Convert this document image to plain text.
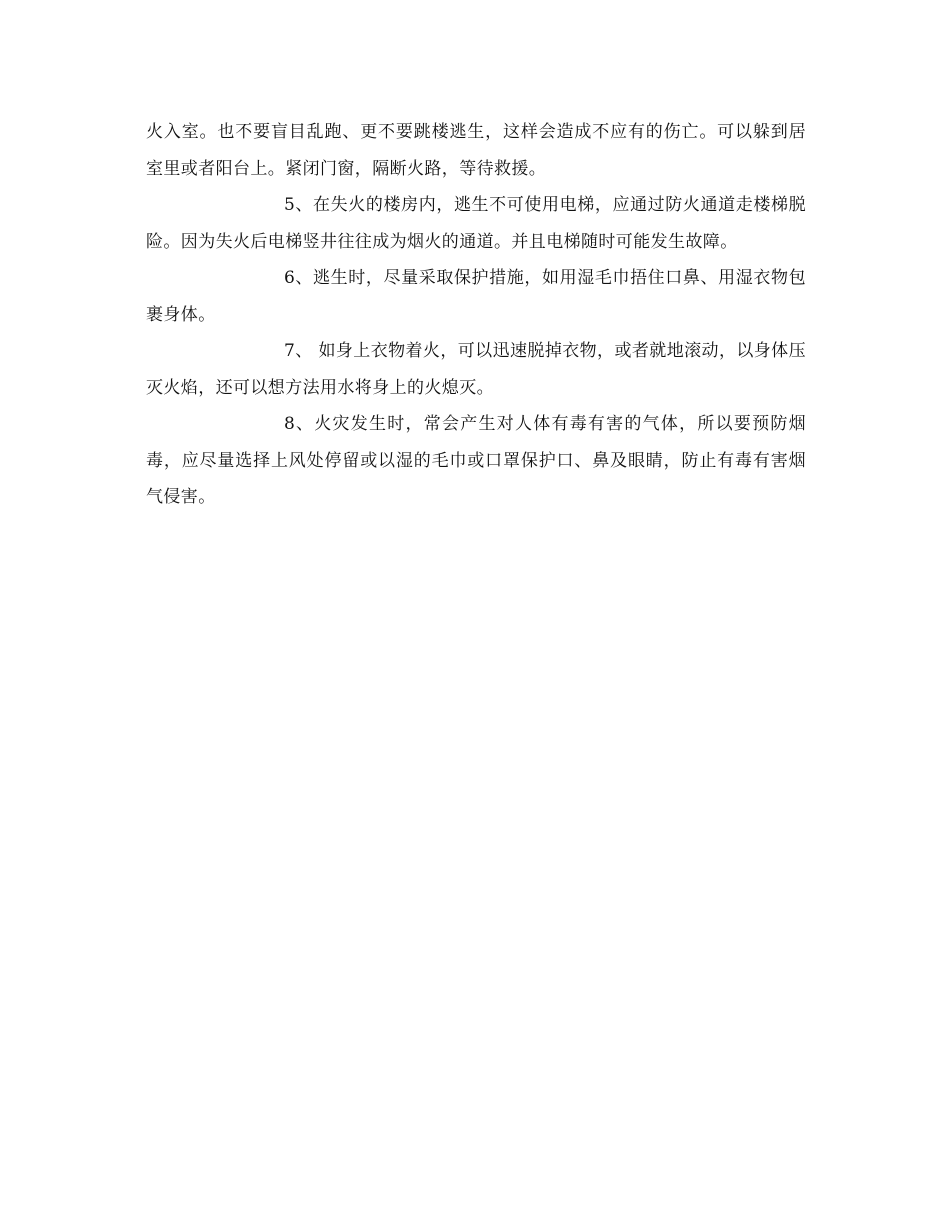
火入室。也不要盲目乱跑、更不要跳楼逃生，这样会造成不应有的伤亡。可以躲到居室里或者阳台上。紧闭门窗，隔断火路，等待救援。

5、在失火的楼房内，逃生不可使用电梯，应通过防火通道走楼梯脱险。因为失火后电梯竖井往往成为烟火的通道。并且电梯随时可能发生故障。

6、逃生时，尽量采取保护措施，如用湿毛巾捂住口鼻、用湿衣物包裹身体。

7、 如身上衣物着火，可以迅速脱掉衣物，或者就地滚动，以身体压灭火焰，还可以想方法用水将身上的火熄灭。

8、火灾发生时，常会产生对人体有毒有害的气体，所以要预防烟毒，应尽量选择上风处停留或以湿的毛巾或口罩保护口、鼻及眼睛，防止有毒有害烟气侵害。
